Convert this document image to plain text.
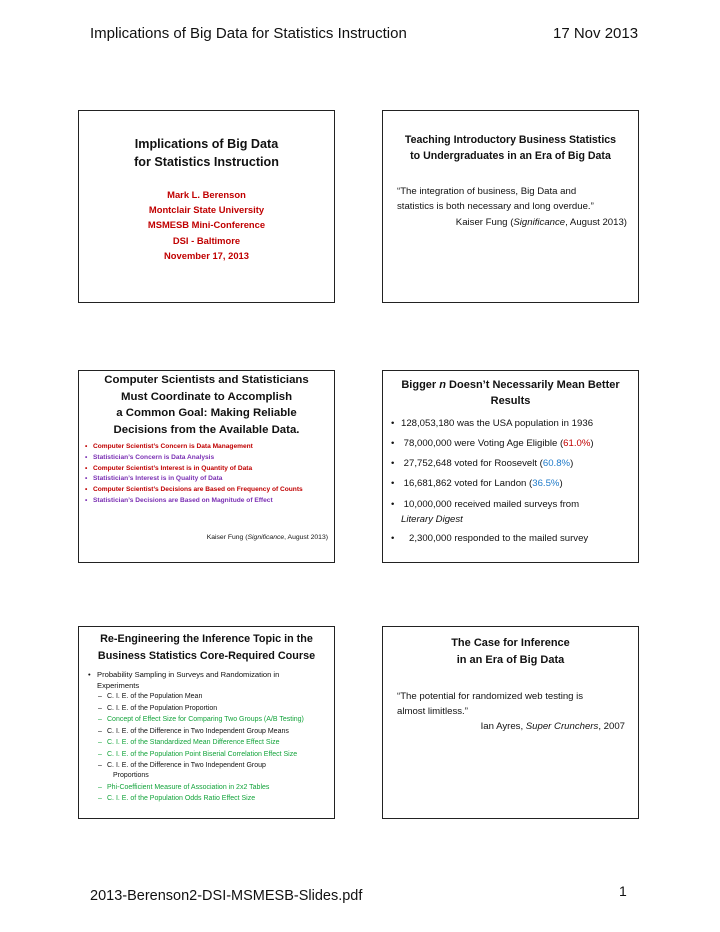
Implications of Big Data for Statistics Instruction	17 Nov 2013
Implications of Big Data
for Statistics Instruction
Mark L. Berenson
Montclair State University
MSMESB Mini-Conference
DSI - Baltimore
November 17, 2013
Teaching Introductory Business Statistics
to Undergraduates in an Era of Big Data
“The integration of business, Big Data and
statistics is both necessary and long overdue.”
Kaiser Fung (Significance, August 2013)
Computer Scientists and Statisticians
Must Coordinate to Accomplish
a Common Goal: Making Reliable
Decisions from the Available Data.
• Computer Scientist’s Concern is Data Management
• Statistician’s Concern is Data Analysis
• Computer Scientist’s Interest is in Quantity of Data
• Statistician’s Interest is in Quality of Data
• Computer Scientist’s Decisions are Based on Frequency of Counts
• Statistician’s Decisions are Based on Magnitude of Effect
Kaiser Fung (Significance, August 2013)
Bigger n Doesn’t Necessarily Mean Better
Results
• 128,053,180 was the USA population in 1936
• 78,000,000 were Voting Age Eligible (61.0%)
• 27,752,648 voted for Roosevelt (60.8%)
• 16,681,862 voted for Landon (36.5%)
• 10,000,000 received mailed surveys from
Literary Digest
• 2,300,000 responded to the mailed survey
Re-Engineering the Inference Topic in the
Business Statistics Core-Required Course
• Probability Sampling in Surveys and Randomization in
Experiments
– C. I. E. of the Population Mean
– C. I. E. of the Population Proportion
– Concept of Effect Size for Comparing Two Groups (A/B Testing)
– C. I. E. of the Difference in Two Independent Group Means
– C. I. E. of the Standardized Mean Difference Effect Size
– C. I. E. of the Population Point Biserial Correlation Effect Size
– C. I. E. of the Difference in Two Independent Group
Proportions
– Phi-Coefficient Measure of Association in 2x2 Tables
– C. I. E. of the Population Odds Ratio Effect Size
The Case for Inference
in an Era of Big Data
“The potential for randomized web testing is
almost limitless.”
Ian Ayres, Super Crunchers, 2007
2013-Berenson2-DSI-MSMESB-Slides.pdf	1
